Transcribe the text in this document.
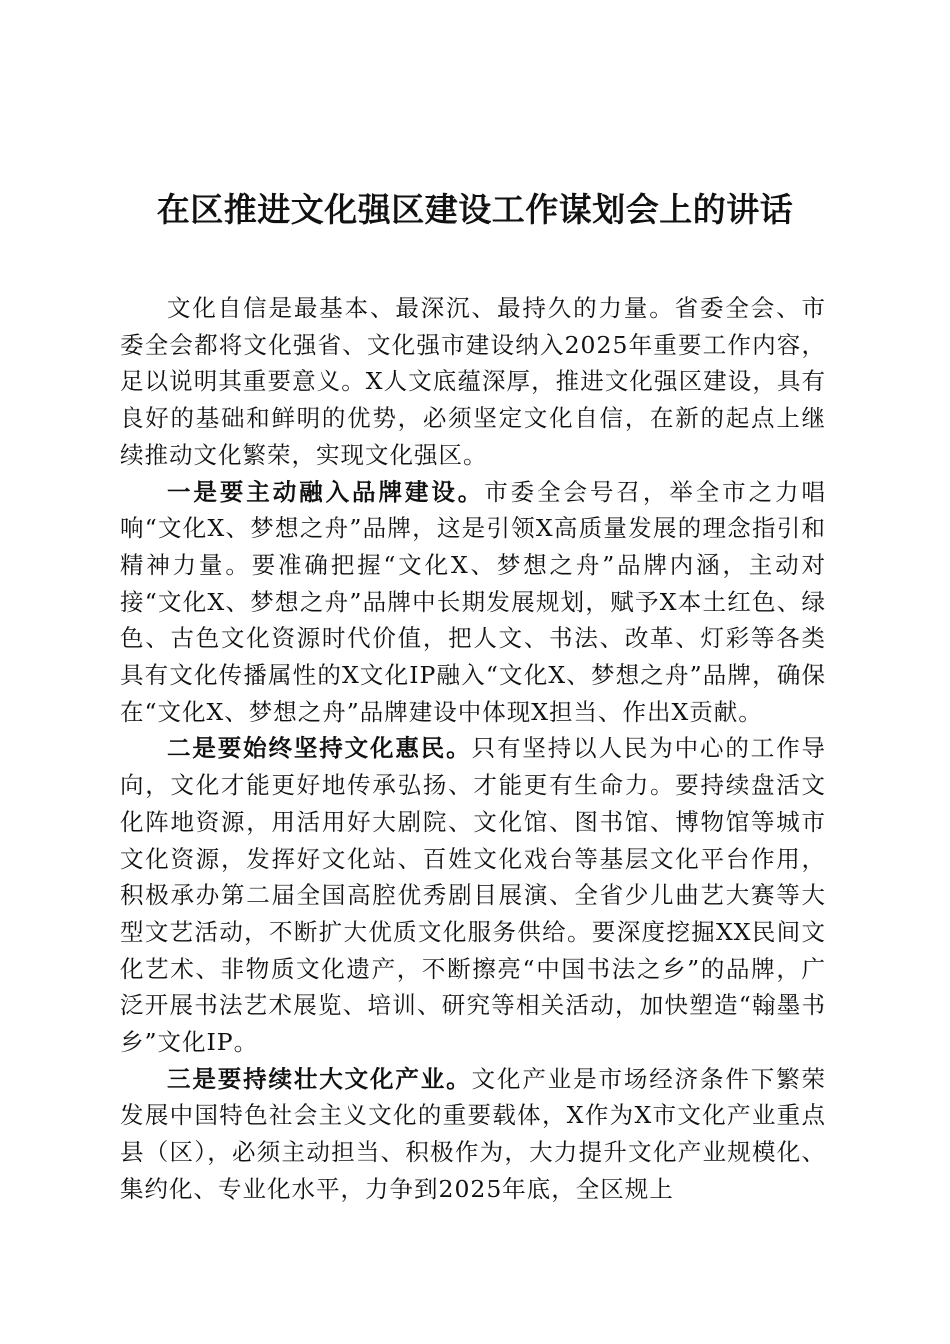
在区推进文化强区建设工作谋划会上的讲话

文化自信是最基本、最深沉、最持久的力量。省委全会、市委全会都将文化强省、文化强市建设纳入2025年重要工作内容，足以说明其重要意义。X人文底蕴深厚，推进文化强区建设，具有良好的基础和鲜明的优势，必须坚定文化自信，在新的起点上继续推动文化繁荣，实现文化强区。

一是要主动融入品牌建设。市委全会号召，举全市之力唱响“文化X、梦想之舟”品牌，这是引领X高质量发展的理念指引和精神力量。要准确把握“文化X、梦想之舟”品牌内涵，主动对接“文化X、梦想之舟”品牌中长期发展规划，赋予X本土红色、绿色、古色文化资源时代价值，把人文、书法、改革、灯彩等各类具有文化传播属性的X文化IP融入“文化X、梦想之舟”品牌，确保在“文化X、梦想之舟”品牌建设中体现X担当、作出X贡献。

二是要始终坚持文化惠民。只有坚持以人民为中心的工作导向，文化才能更好地传承弘扬、才能更有生命力。要持续盘活文化阵地资源，用活用好大剧院、文化馆、图书馆、博物馆等城市文化资源，发挥好文化站、百姓文化戏台等基层文化平台作用，积极承办第二届全国高腔优秀剧目展演、全省少儿曲艺大赛等大型文艺活动，不断扩大优质文化服务供给。要深度挖掘XX民间文化艺术、非物质文化遗产，不断擦亮“中国书法之乡”的品牌，广泛开展书法艺术展览、培训、研究等相关活动，加快塑造“翰墨书乡”文化IP。

三是要持续壮大文化产业。文化产业是市场经济条件下繁荣发展中国特色社会主义文化的重要载体，X作为X市文化产业重点县（区），必须主动担当、积极作为，大力提升文化产业规模化、集约化、专业化水平，力争到2025年底，全区规上
